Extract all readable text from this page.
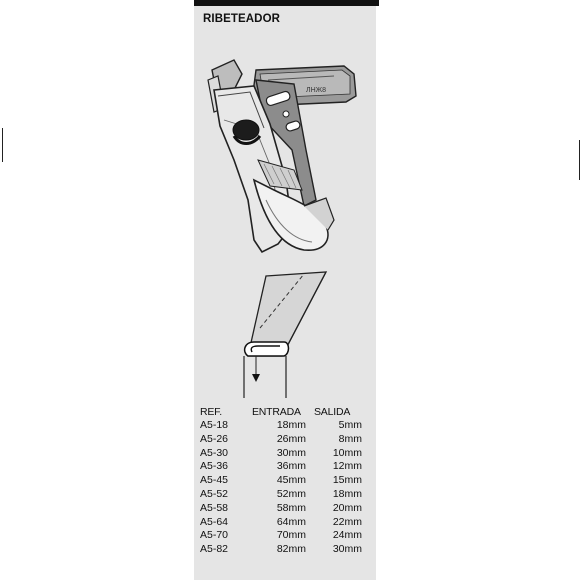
RIBETEADOR
ЛНЖ8
REF.	ENTRADA	SALIDA
A5-18	18mm	5mm
A5-26	26mm	8mm
A5-30	30mm	10mm
A5-36	36mm	12mm
A5-45	45mm	15mm
A5-52	52mm	18mm
A5-58	58mm	20mm
A5-64	64mm	22mm
A5-70	70mm	24mm
A5-82	82mm	30mm
